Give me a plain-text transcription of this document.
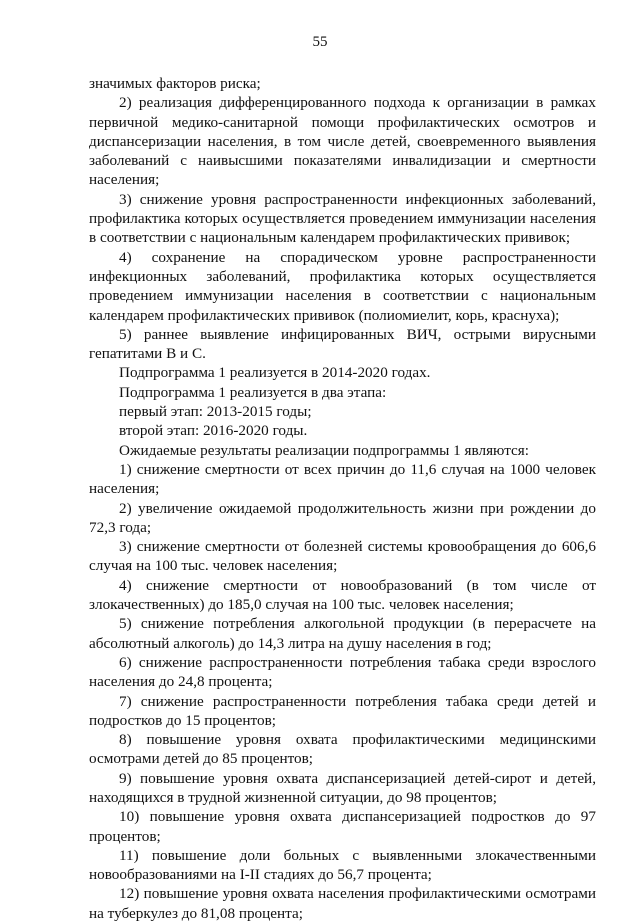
55

значимых факторов риска;

2) реализация дифференцированного подхода к организации в рамках первичной медико-санитарной помощи профилактических осмотров и диспансеризации населения, в том числе детей, своевременного выявления заболеваний с наивысшими показателями инвалидизации и смертности населения;

3) снижение уровня распространенности инфекционных заболеваний, профилактика которых осуществляется проведением иммунизации населения в соответствии с национальным календарем профилактических прививок;

4) сохранение на спорадическом уровне распространенности инфекционных заболеваний, профилактика которых осуществляется проведением иммунизации населения в соответствии с национальным календарем профилактических прививок (полиомиелит, корь, краснуха);

5) раннее выявление инфицированных ВИЧ, острыми вирусными гепатитами В и С.

Подпрограмма 1 реализуется в 2014-2020 годах.

Подпрограмма 1 реализуется в два этапа:

первый этап: 2013-2015 годы;

второй этап: 2016-2020 годы.

Ожидаемые результаты реализации подпрограммы 1 являются:

1) снижение смертности от всех причин до 11,6 случая на 1000 человек населения;

2) увеличение ожидаемой продолжительность жизни при рождении до 72,3 года;

3) снижение смертности от болезней системы кровообращения до 606,6 случая на 100 тыс. человек населения;

4) снижение смертности от новообразований (в том числе от злокачественных) до 185,0 случая на 100 тыс. человек населения;

5) снижение потребления алкогольной продукции (в перерасчете на абсолютный алкоголь) до 14,3 литра на душу населения в год;

6) снижение распространенности потребления табака среди взрослого населения до 24,8 процента;

7) снижение распространенности потребления табака среди детей и подростков до 15 процентов;

8) повышение уровня охвата профилактическими медицинскими осмотрами детей до 85 процентов;

9) повышение уровня охвата диспансеризацией детей-сирот и детей, находящихся в трудной жизненной ситуации, до 98 процентов;

10) повышение уровня охвата диспансеризацией подростков до 97 процентов;

11) повышение доли больных с выявленными злокачественными новообразованиями на I-II стадиях до 56,7 процента;

12) повышение уровня охвата населения профилактическими осмотрами на туберкулез до 81,08 процента;
